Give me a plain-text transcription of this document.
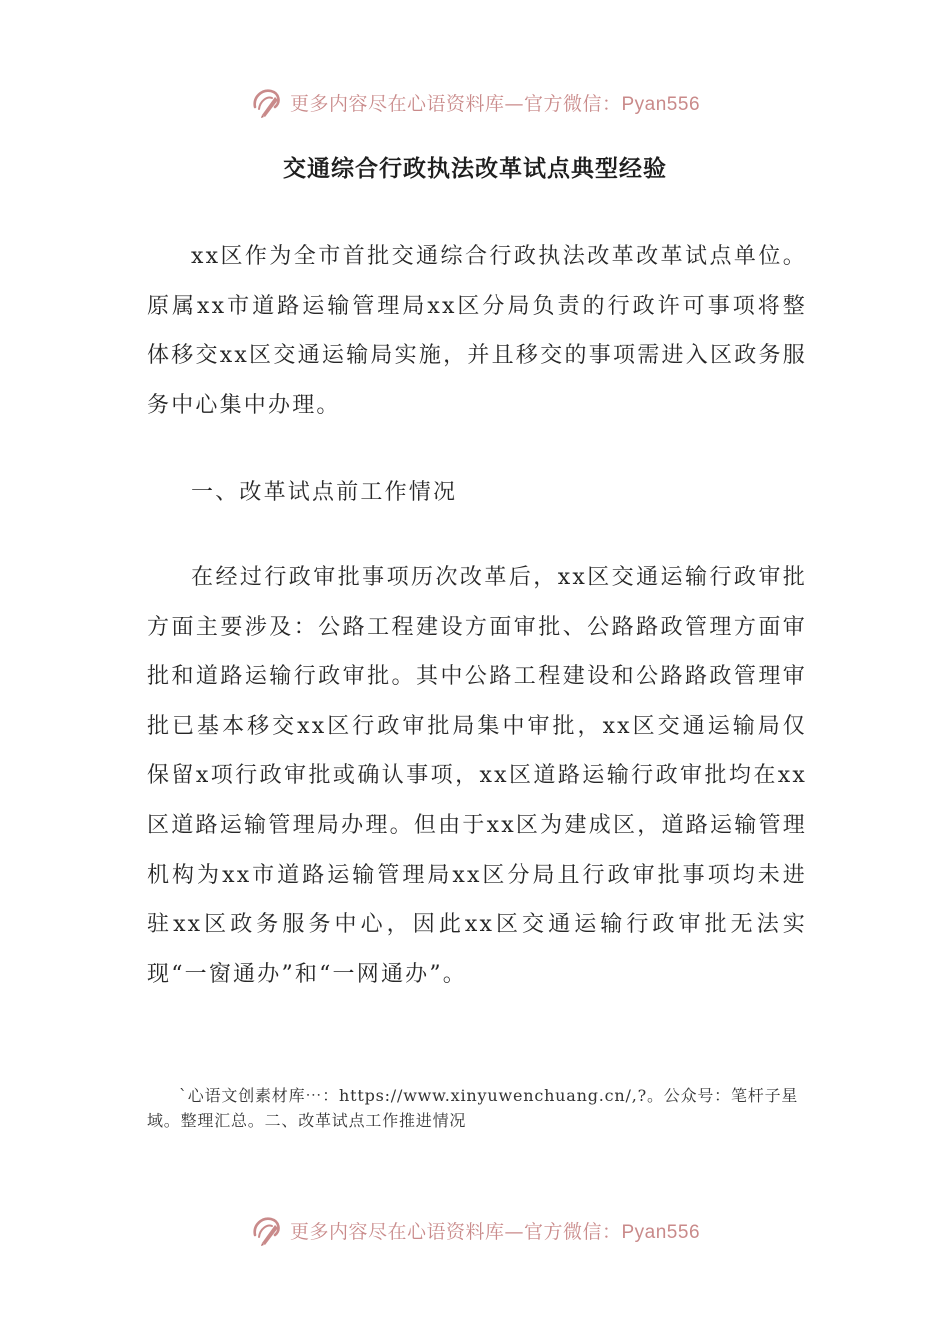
更多内容尽在心语资料库—官方微信：Pyan556
交通综合行政执法改革试点典型经验

xx区作为全市首批交通综合行政执法改革改革试点单位。原属xx市道路运输管理局xx区分局负责的行政许可事项将整体移交xx区交通运输局实施，并且移交的事项需进入区政务服务中心集中办理。

一、改革试点前工作情况

在经过行政审批事项历次改革后，xx区交通运输行政审批方面主要涉及：公路工程建设方面审批、公路路政管理方面审批和道路运输行政审批。其中公路工程建设和公路路政管理审批已基本移交xx区行政审批局集中审批，xx区交通运输局仅保留x项行政审批或确认事项，xx区道路运输行政审批均在xx区道路运输管理局办理。但由于xx区为建成区，道路运输管理机构为xx市道路运输管理局xx区分局且行政审批事项均未进驻xx区政务服务中心，因此xx区交通运输行政审批无法实现“一窗通办”和“一网通办”。

`心语文创素材库⋯：https://www.xinyuwenchuang.cn/,?。公众号：笔杆子星域。整理汇总。二、改革试点工作推进情况

更多内容尽在心语资料库—官方微信：Pyan556
